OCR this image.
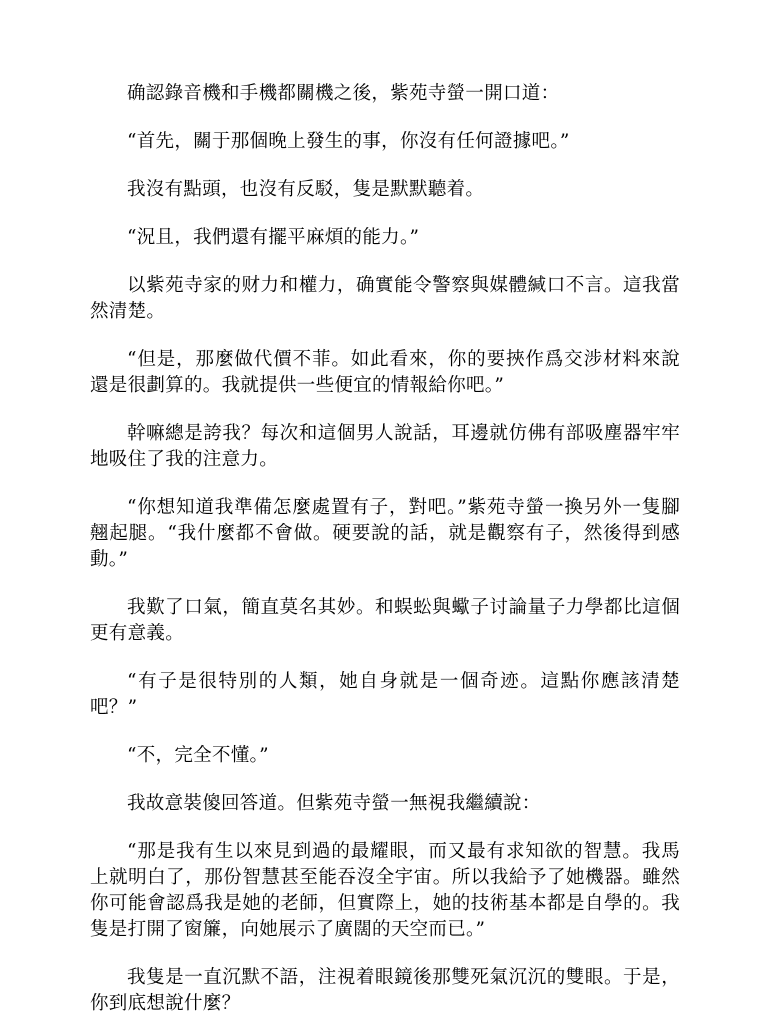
确認錄音機和手機都關機之後，紫苑寺螢一開口道：

“首先，關于那個晚上發生的事，你沒有任何證據吧。”

我沒有點頭，也沒有反駁，隻是默默聽着。

“況且，我們還有擺平麻煩的能力。”

以紫苑寺家的财力和權力，确實能令警察與媒體緘口不言。這我當然清楚。

“但是，那麼做代價不菲。如此看來，你的要挾作爲交涉材料來說還是很劃算的。我就提供一些便宜的情報給你吧。”

幹嘛總是誇我？每次和這個男人說話，耳邊就仿佛有部吸塵器牢牢地吸住了我的注意力。

“你想知道我準備怎麼處置有子，對吧。”紫苑寺螢一換另外一隻腳翹起腿。“我什麼都不會做。硬要說的話，就是觀察有子，然後得到感動。”

我歎了口氣，簡直莫名其妙。和蜈蚣與蠍子讨論量子力學都比這個更有意義。

“有子是很特別的人類，她自身就是一個奇迹。這點你應該清楚吧？”

“不，完全不懂。”

我故意裝傻回答道。但紫苑寺螢一無視我繼續說：

“那是我有生以來見到過的最耀眼，而又最有求知欲的智慧。我馬上就明白了，那份智慧甚至能吞沒全宇宙。所以我給予了她機器。雖然你可能會認爲我是她的老師，但實際上，她的技術基本都是自學的。我隻是打開了窗簾，向她展示了廣闊的天空而已。”

我隻是一直沉默不語，注視着眼鏡後那雙死氣沉沉的雙眼。于是，你到底想說什麼？
